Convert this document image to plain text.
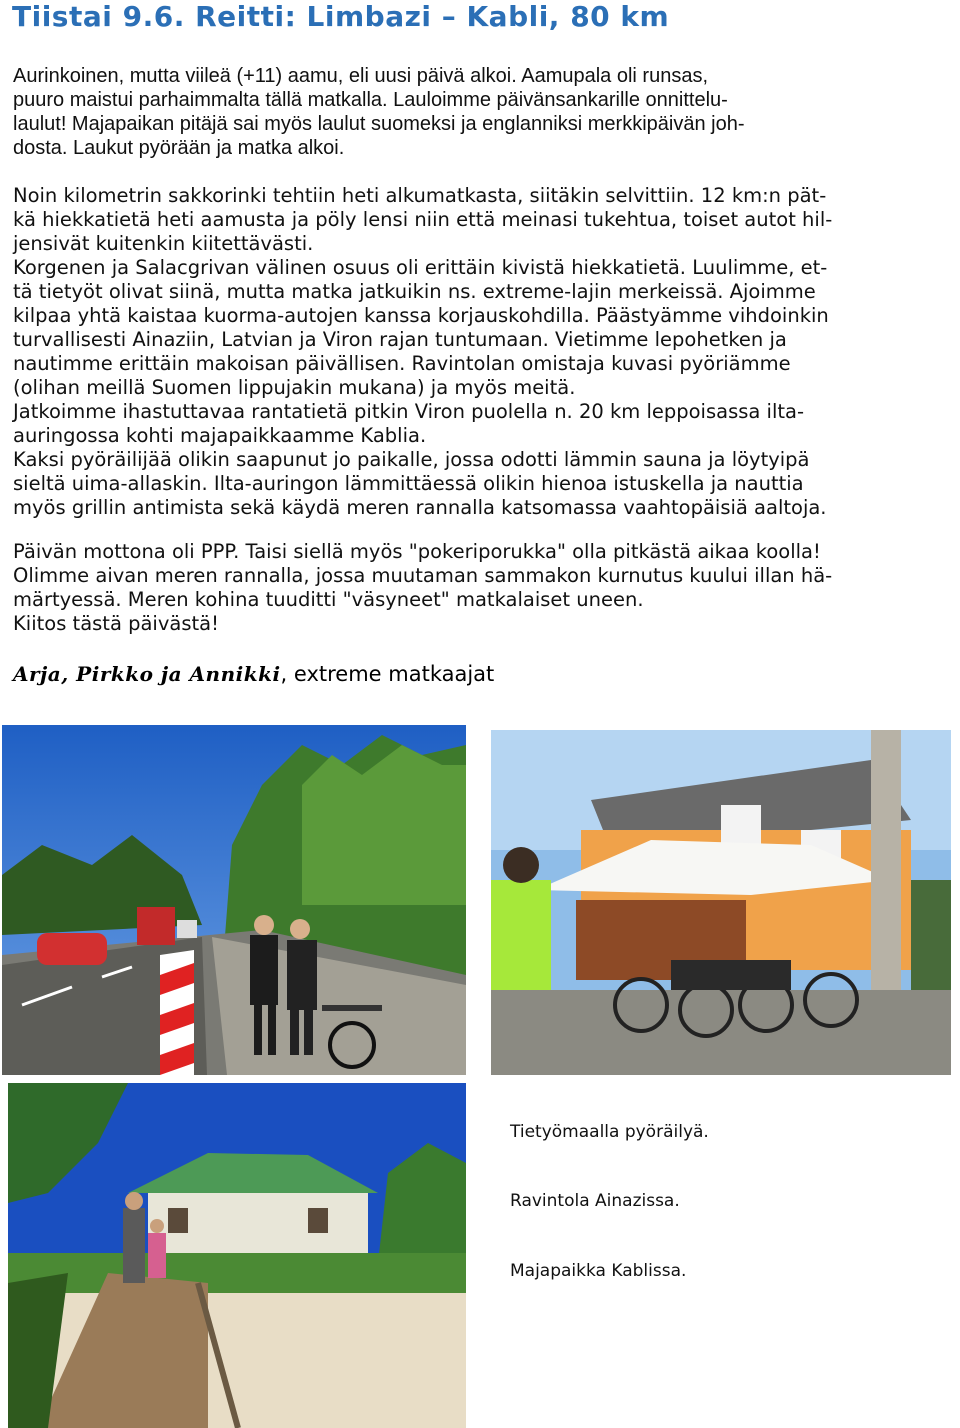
Tiistai 9.6. Reitti: Limbazi – Kabli, 80 km
Aurinkoinen, mutta viileä (+11) aamu, eli uusi päivä alkoi. Aamupala oli runsas,
puuro maistui parhaimmalta tällä matkalla. Lauloimme päivänsankarille onnittelu-
laulut! Majapaikan pitäjä sai myös laulut suomeksi ja englanniksi merkkipäivän joh-
dosta. Laukut pyörään ja matka alkoi.
Noin kilometrin sakkorinki tehtiin heti alkumatkasta, siitäkin selvittiin. 12 km:n pät-
kä hiekkatietä heti aamusta ja pöly lensi niin että meinasi tukehtua, toiset autot hil-
jensivät kuitenkin kiitettävästi.
Korgenen ja Salacgrivan välinen osuus oli erittäin kivistä hiekkatietä. Luulimme, et-
tä tietyöt olivat siinä, mutta matka jatkuikin ns. extreme-lajin merkeissä. Ajoimme
kilpaa yhtä kaistaa kuorma-autojen kanssa korjauskohdilla. Päästyämme vihdoinkin
turvallisesti Ainaziin, Latvian ja Viron rajan tuntumaan. Vietimme lepohetken ja
nautimme erittäin makoisan päivällisen. Ravintolan omistaja kuvasi pyöriämme
(olihan meillä Suomen lippujakin mukana) ja myös meitä.
Jatkoimme ihastuttavaa rantatietä pitkin Viron puolella n. 20 km leppoisassa ilta-
auringossa kohti majapaikkaamme Kablia.
Kaksi pyöräilijää olikin saapunut jo paikalle, jossa odotti lämmin sauna ja löytyipä
sieltä uima-allaskin. Ilta-auringon lämmittäessä olikin hienoa istuskella ja nauttia
myös grillin antimista sekä käydä meren rannalla katsomassa vaahtopäisiä aaltoja.
Päivän mottona oli PPP. Taisi siellä myös "pokeriporukka" olla pitkästä aikaa koolla!
Olimme aivan meren rannalla, jossa muutaman sammakon kurnutus kuului illan hä-
märtyessä. Meren kohina tuuditti "väsyneet" matkalaiset uneen.
Kiitos tästä päivästä!
Arja, Pirkko ja Annikki, extreme matkaajat
Tietyömaalla pyöräilyä.
Ravintola Ainazissa.
Majapaikka Kablissa.
